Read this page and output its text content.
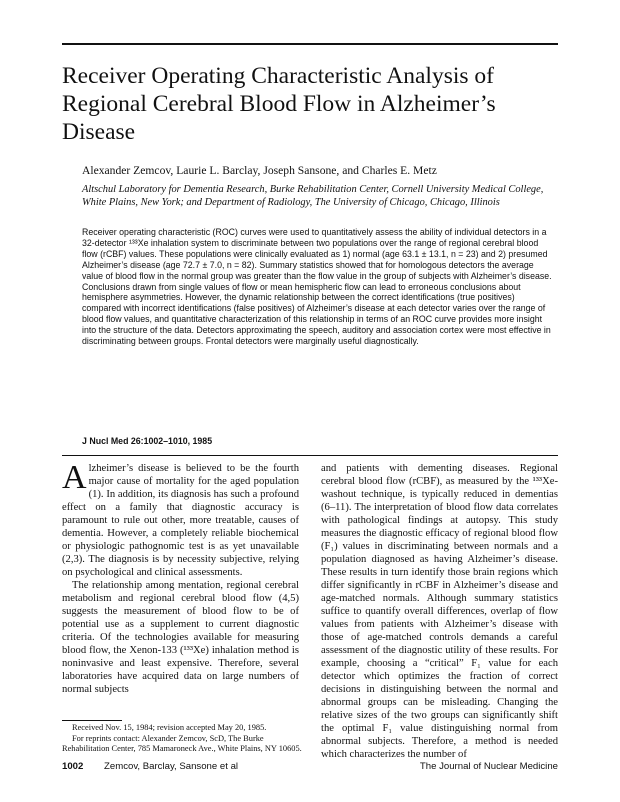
Receiver Operating Characteristic Analysis of Regional Cerebral Blood Flow in Alzheimer’s Disease
Alexander Zemcov, Laurie L. Barclay, Joseph Sansone, and Charles E. Metz
Altschul Laboratory for Dementia Research, Burke Rehabilitation Center, Cornell University Medical College, White Plains, New York; and Department of Radiology, The University of Chicago, Chicago, Illinois

Receiver operating characteristic (ROC) curves were used to quantitatively assess the ability of individual detectors in a 32-detector ¹³³Xe inhalation system to discriminate between two populations over the range of regional cerebral blood flow (rCBF) values. These populations were clinically evaluated as 1) normal (age 63.1 ± 13.1, n = 23) and 2) presumed Alzheimer’s disease (age 72.7 ± 7.0, n = 82). Summary statistics showed that for homologous detectors the average value of blood flow in the normal group was greater than the flow value in the group of subjects with Alzheimer’s disease. Conclusions drawn from single values of flow or mean hemispheric flow can lead to erroneous conclusions about hemisphere asymmetries. However, the dynamic relationship between the correct identifications (true positives) compared with incorrect identifications (false positives) of Alzheimer’s disease at each detector varies over the range of blood flow values, and quantitative characterization of this relationship in terms of an ROC curve provides more insight into the structure of the data. Detectors approximating the speech, auditory and association cortex were most effective in discriminating between groups. Frontal detectors were marginally useful diagnostically.

J Nucl Med 26:1002–1010, 1985

Alzheimer’s disease is believed to be the fourth major cause of mortality for the aged population (1). In addition, its diagnosis has such a profound effect on a family that diagnostic accuracy is paramount to rule out other, more treatable, causes of dementia. However, a completely reliable biochemical or physiologic pathognomic test is as yet unavailable (2,3). The diagnosis is by necessity subjective, relying on psychological and clinical assessments.

The relationship among mentation, regional cerebral metabolism and regional cerebral blood flow (4,5) suggests the measurement of blood flow to be of potential use as a supplement to current diagnostic criteria. Of the technologies available for measuring blood flow, the Xenon-133 (¹³³Xe) inhalation method is noninvasive and least expensive. Therefore, several laboratories have acquired data on large numbers of normal subjects

and patients with dementing diseases. Regional cerebral blood flow (rCBF), as measured by the ¹³³Xe-washout technique, is typically reduced in dementias (6–11). The interpretation of blood flow data correlates with pathological findings at autopsy. This study measures the diagnostic efficacy of regional blood flow (F₁) values in discriminating between normals and a population diagnosed as having Alzheimer’s disease. These results in turn identify those brain regions which differ significantly in rCBF in Alzheimer’s disease and age-matched normals. Although summary statistics suffice to quantify overall differences, overlap of flow values from patients with Alzheimer’s disease with those of age-matched controls demands a careful assessment of the diagnostic utility of these results. For example, choosing a “critical” F₁ value for each detector which optimizes the fraction of correct decisions in distinguishing between the normal and abnormal groups can be misleading. Changing the relative sizes of the two groups can significantly shift the optimal F₁ value distinguishing normal from abnormal subjects. Therefore, a method is needed which characterizes the number of

Received Nov. 15, 1984; revision accepted May 20, 1985.

For reprints contact: Alexander Zemcov, ScD, The Burke Rehabilitation Center, 785 Mamaroneck Ave., White Plains, NY 10605.

1002 Zemcov, Barclay, Sansone et al	The Journal of Nuclear Medicine
